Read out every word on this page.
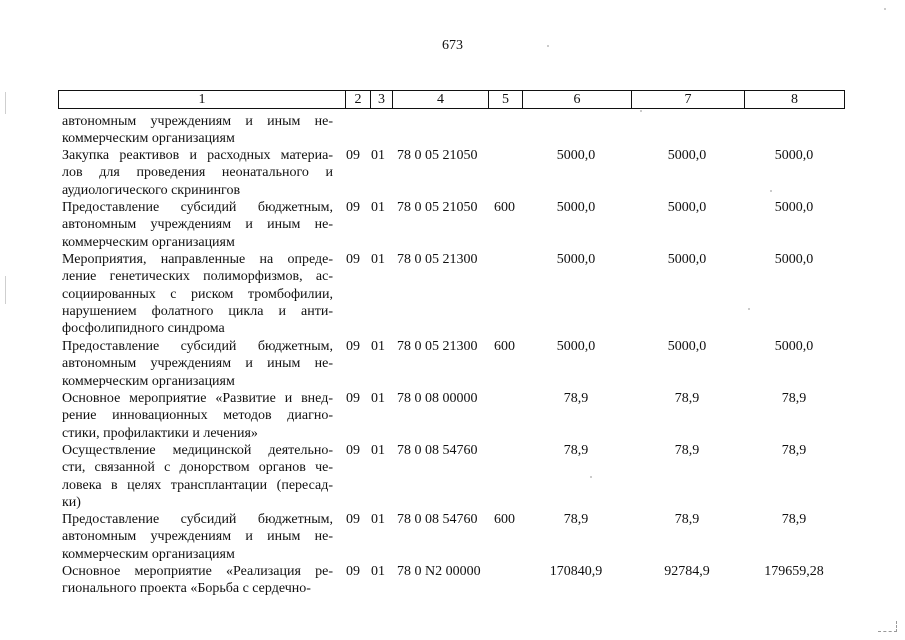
673
1	2	3	4	5	6	7	8
автономным учреждениям и иным не-
коммерческим организациям
Закупка реактивов и расходных материа-
лов для проведения неонатального и
аудиологического скринингов
09 01 78 0 05 21050	5000,0	5000,0	5000,0
Предоставление субсидий бюджетным,
автономным учреждениям и иным не-
коммерческим организациям
09 01 78 0 05 21050 600	5000,0	5000,0	5000,0
Мероприятия, направленные на опреде-
ление генетических полиморфизмов, ас-
социированных с риском тромбофилии,
нарушением фолатного цикла и анти-
фосфолипидного синдрома
09 01 78 0 05 21300	5000,0	5000,0	5000,0
Предоставление субсидий бюджетным,
автономным учреждениям и иным не-
коммерческим организациям
09 01 78 0 05 21300 600	5000,0	5000,0	5000,0
Основное мероприятие «Развитие и внед-
рение инновационных методов диагно-
стики, профилактики и лечения»
09 01 78 0 08 00000	78,9	78,9	78,9
Осуществление медицинской деятельно-
сти, связанной с донорством органов че-
ловека в целях трансплантации (пересад-
ки)
09 01 78 0 08 54760	78,9	78,9	78,9
Предоставление субсидий бюджетным,
автономным учреждениям и иным не-
коммерческим организациям
09 01 78 0 08 54760 600	78,9	78,9	78,9
Основное мероприятие «Реализация ре-
гионального проекта «Борьба с сердечно-
09 01 78 0 N2 00000	170840,9	92784,9	179659,28
